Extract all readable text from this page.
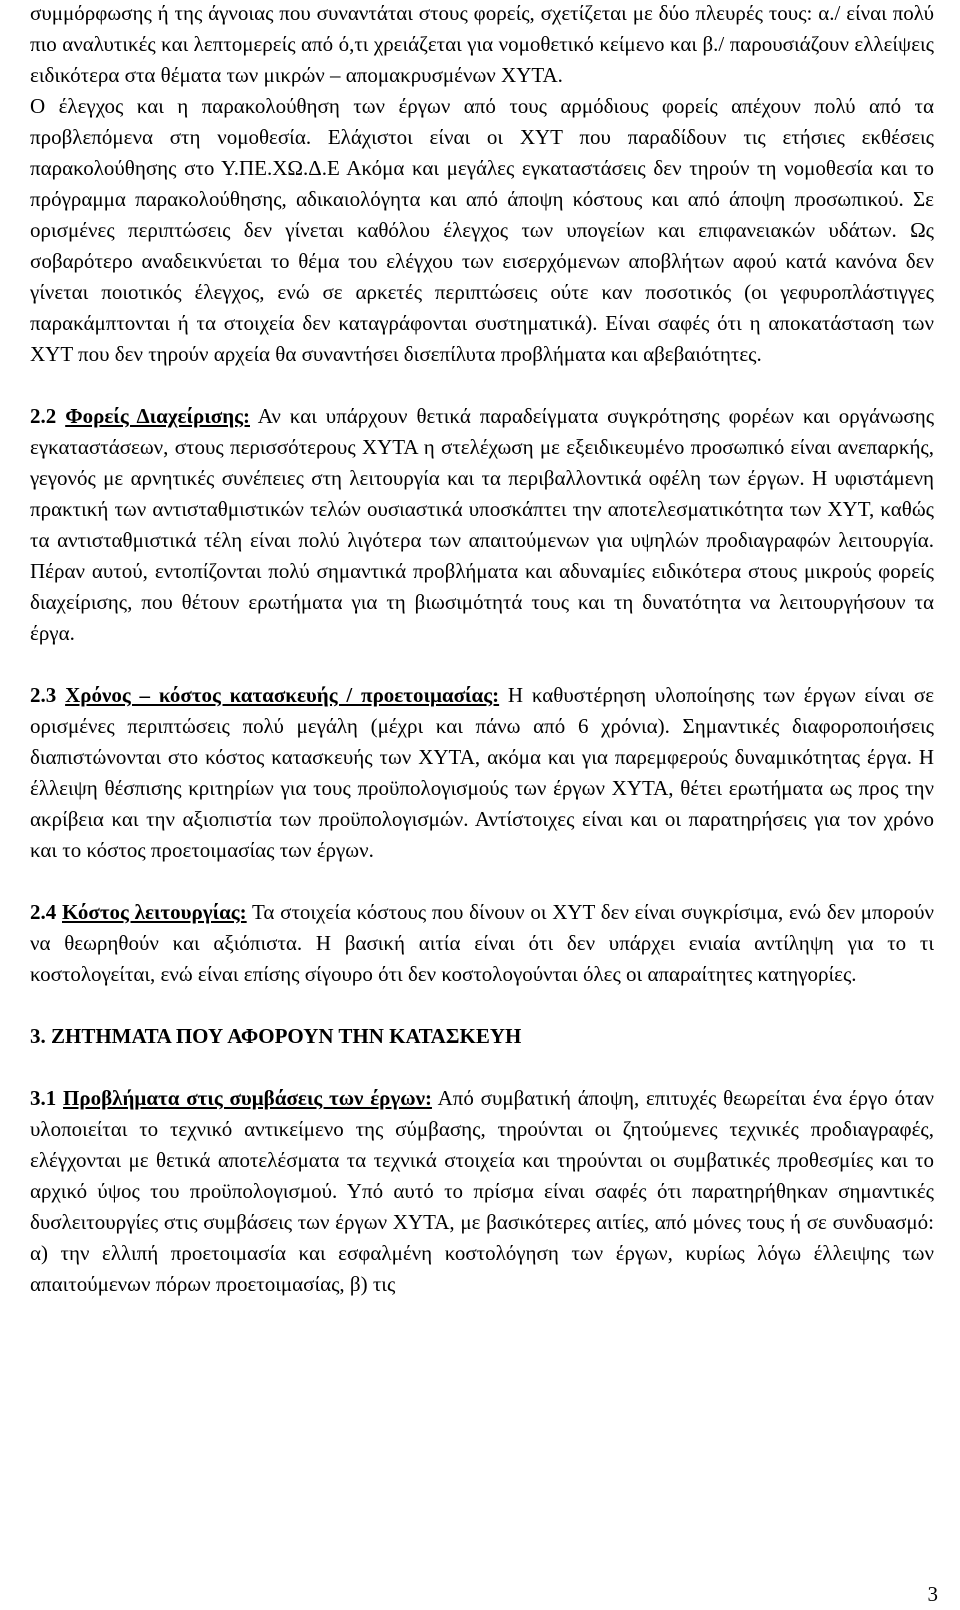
συμμόρφωσης ή της άγνοιας που συναντάται στους φορείς, σχετίζεται με δύο πλευρές τους: α./ είναι πολύ πιο αναλυτικές και λεπτομερείς από ό,τι χρειάζεται για νομοθετικό κείμενο και β./ παρουσιάζουν ελλείψεις ειδικότερα στα θέματα των μικρών – απομακρυσμένων ΧΥΤΑ.

Ο έλεγχος και η παρακολούθηση των έργων από τους αρμόδιους φορείς απέχουν πολύ από τα προβλεπόμενα στη νομοθεσία. Ελάχιστοι είναι οι ΧΥΤ που παραδίδουν τις ετήσιες εκθέσεις παρακολούθησης στο Υ.ΠΕ.ΧΩ.Δ.Ε Ακόμα και μεγάλες εγκαταστάσεις δεν τηρούν τη νομοθεσία και το πρόγραμμα παρακολούθησης, αδικαιολόγητα και από άποψη κόστους και από άποψη προσωπικού. Σε ορισμένες περιπτώσεις δεν γίνεται καθόλου έλεγχος των υπογείων και επιφανειακών υδάτων. Ως σοβαρότερο αναδεικνύεται το θέμα του ελέγχου των εισερχόμενων αποβλήτων αφού κατά κανόνα δεν γίνεται ποιοτικός έλεγχος, ενώ σε αρκετές περιπτώσεις ούτε καν ποσοτικός (οι γεφυροπλάστιγγες παρακάμπτονται ή τα στοιχεία δεν καταγράφονται συστηματικά). Είναι σαφές ότι η αποκατάσταση των ΧΥΤ που δεν τηρούν αρχεία θα συναντήσει δισεπίλυτα προβλήματα και αβεβαιότητες.

2.2 Φορείς Διαχείρισης: Αν και υπάρχουν θετικά παραδείγματα συγκρότησης φορέων και οργάνωσης εγκαταστάσεων, στους περισσότερους ΧΥΤΑ η στελέχωση με εξειδικευμένο προσωπικό είναι ανεπαρκής, γεγονός με αρνητικές συνέπειες στη λειτουργία και τα περιβαλλοντικά οφέλη των έργων. Η υφιστάμενη πρακτική των αντισταθμιστικών τελών ουσιαστικά υποσκάπτει την αποτελεσματικότητα των ΧΥΤ, καθώς τα αντισταθμιστικά τέλη είναι πολύ λιγότερα των απαιτούμενων για υψηλών προδιαγραφών λειτουργία. Πέραν αυτού, εντοπίζονται πολύ σημαντικά προβλήματα και αδυναμίες ειδικότερα στους μικρούς φορείς διαχείρισης, που θέτουν ερωτήματα για τη βιωσιμότητά τους και τη δυνατότητα να λειτουργήσουν τα έργα.

2.3 Χρόνος – κόστος κατασκευής / προετοιμασίας: Η καθυστέρηση υλοποίησης των έργων είναι σε ορισμένες περιπτώσεις πολύ μεγάλη (μέχρι και πάνω από 6 χρόνια). Σημαντικές διαφοροποιήσεις διαπιστώνονται στο κόστος κατασκευής των ΧΥΤΑ, ακόμα και για παρεμφερούς δυναμικότητας έργα. Η έλλειψη θέσπισης κριτηρίων για τους προϋπολογισμούς των έργων ΧΥΤΑ, θέτει ερωτήματα ως προς την ακρίβεια και την αξιοπιστία των προϋπολογισμών. Αντίστοιχες είναι και οι παρατηρήσεις για τον χρόνο και το κόστος προετοιμασίας των έργων.

2.4 Κόστος λειτουργίας: Τα στοιχεία κόστους που δίνουν οι ΧΥΤ δεν είναι συγκρίσιμα, ενώ δεν μπορούν να θεωρηθούν και αξιόπιστα. Η βασική αιτία είναι ότι δεν υπάρχει ενιαία αντίληψη για το τι κοστολογείται, ενώ είναι επίσης σίγουρο ότι δεν κοστολογούνται όλες οι απαραίτητες κατηγορίες.

3. ΖΗΤΗΜΑΤΑ ΠΟΥ ΑΦΟΡΟΥΝ ΤΗΝ ΚΑΤΑΣΚΕΥΗ

3.1 Προβλήματα στις συμβάσεις των έργων: Από συμβατική άποψη, επιτυχές θεωρείται ένα έργο όταν υλοποιείται το τεχνικό αντικείμενο της σύμβασης, τηρούνται οι ζητούμενες τεχνικές προδιαγραφές, ελέγχονται με θετικά αποτελέσματα τα τεχνικά στοιχεία και τηρούνται οι συμβατικές προθεσμίες και το αρχικό ύψος του προϋπολογισμού. Υπό αυτό το πρίσμα είναι σαφές ότι παρατηρήθηκαν σημαντικές δυσλειτουργίες στις συμβάσεις των έργων ΧΥΤΑ, με βασικότερες αιτίες, από μόνες τους ή σε συνδυασμό: α) την ελλιπή προετοιμασία και εσφαλμένη κοστολόγηση των έργων, κυρίως λόγω έλλειψης των απαιτούμενων πόρων προετοιμασίας, β) τις

3
